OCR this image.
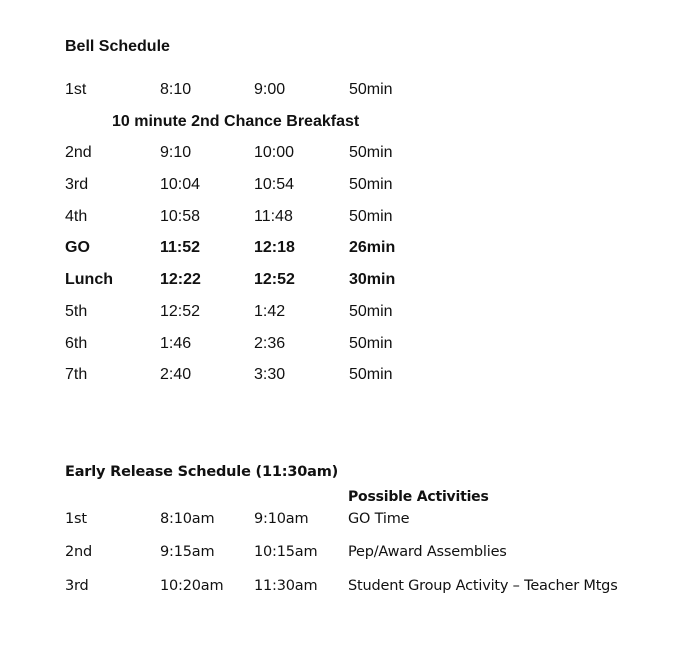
Bell Schedule
1st	8:10	9:00	50min
10 minute 2nd Chance Breakfast
2nd	9:10	10:00	50min
3rd	10:04	10:54	50min
4th	10:58	11:48	50min
GO	11:52	12:18	26min
Lunch	12:22	12:52	30min
5th	12:52	1:42	50min
6th	1:46	2:36	50min
7th	2:40	3:30	50min
Early Release Schedule (11:30am)
Possible Activities
1st	8:10am	9:10am	GO Time
2nd	9:15am	10:15am Pep/Award Assemblies
3rd	10:20am 11:30am Student Group Activity – Teacher Mtgs
